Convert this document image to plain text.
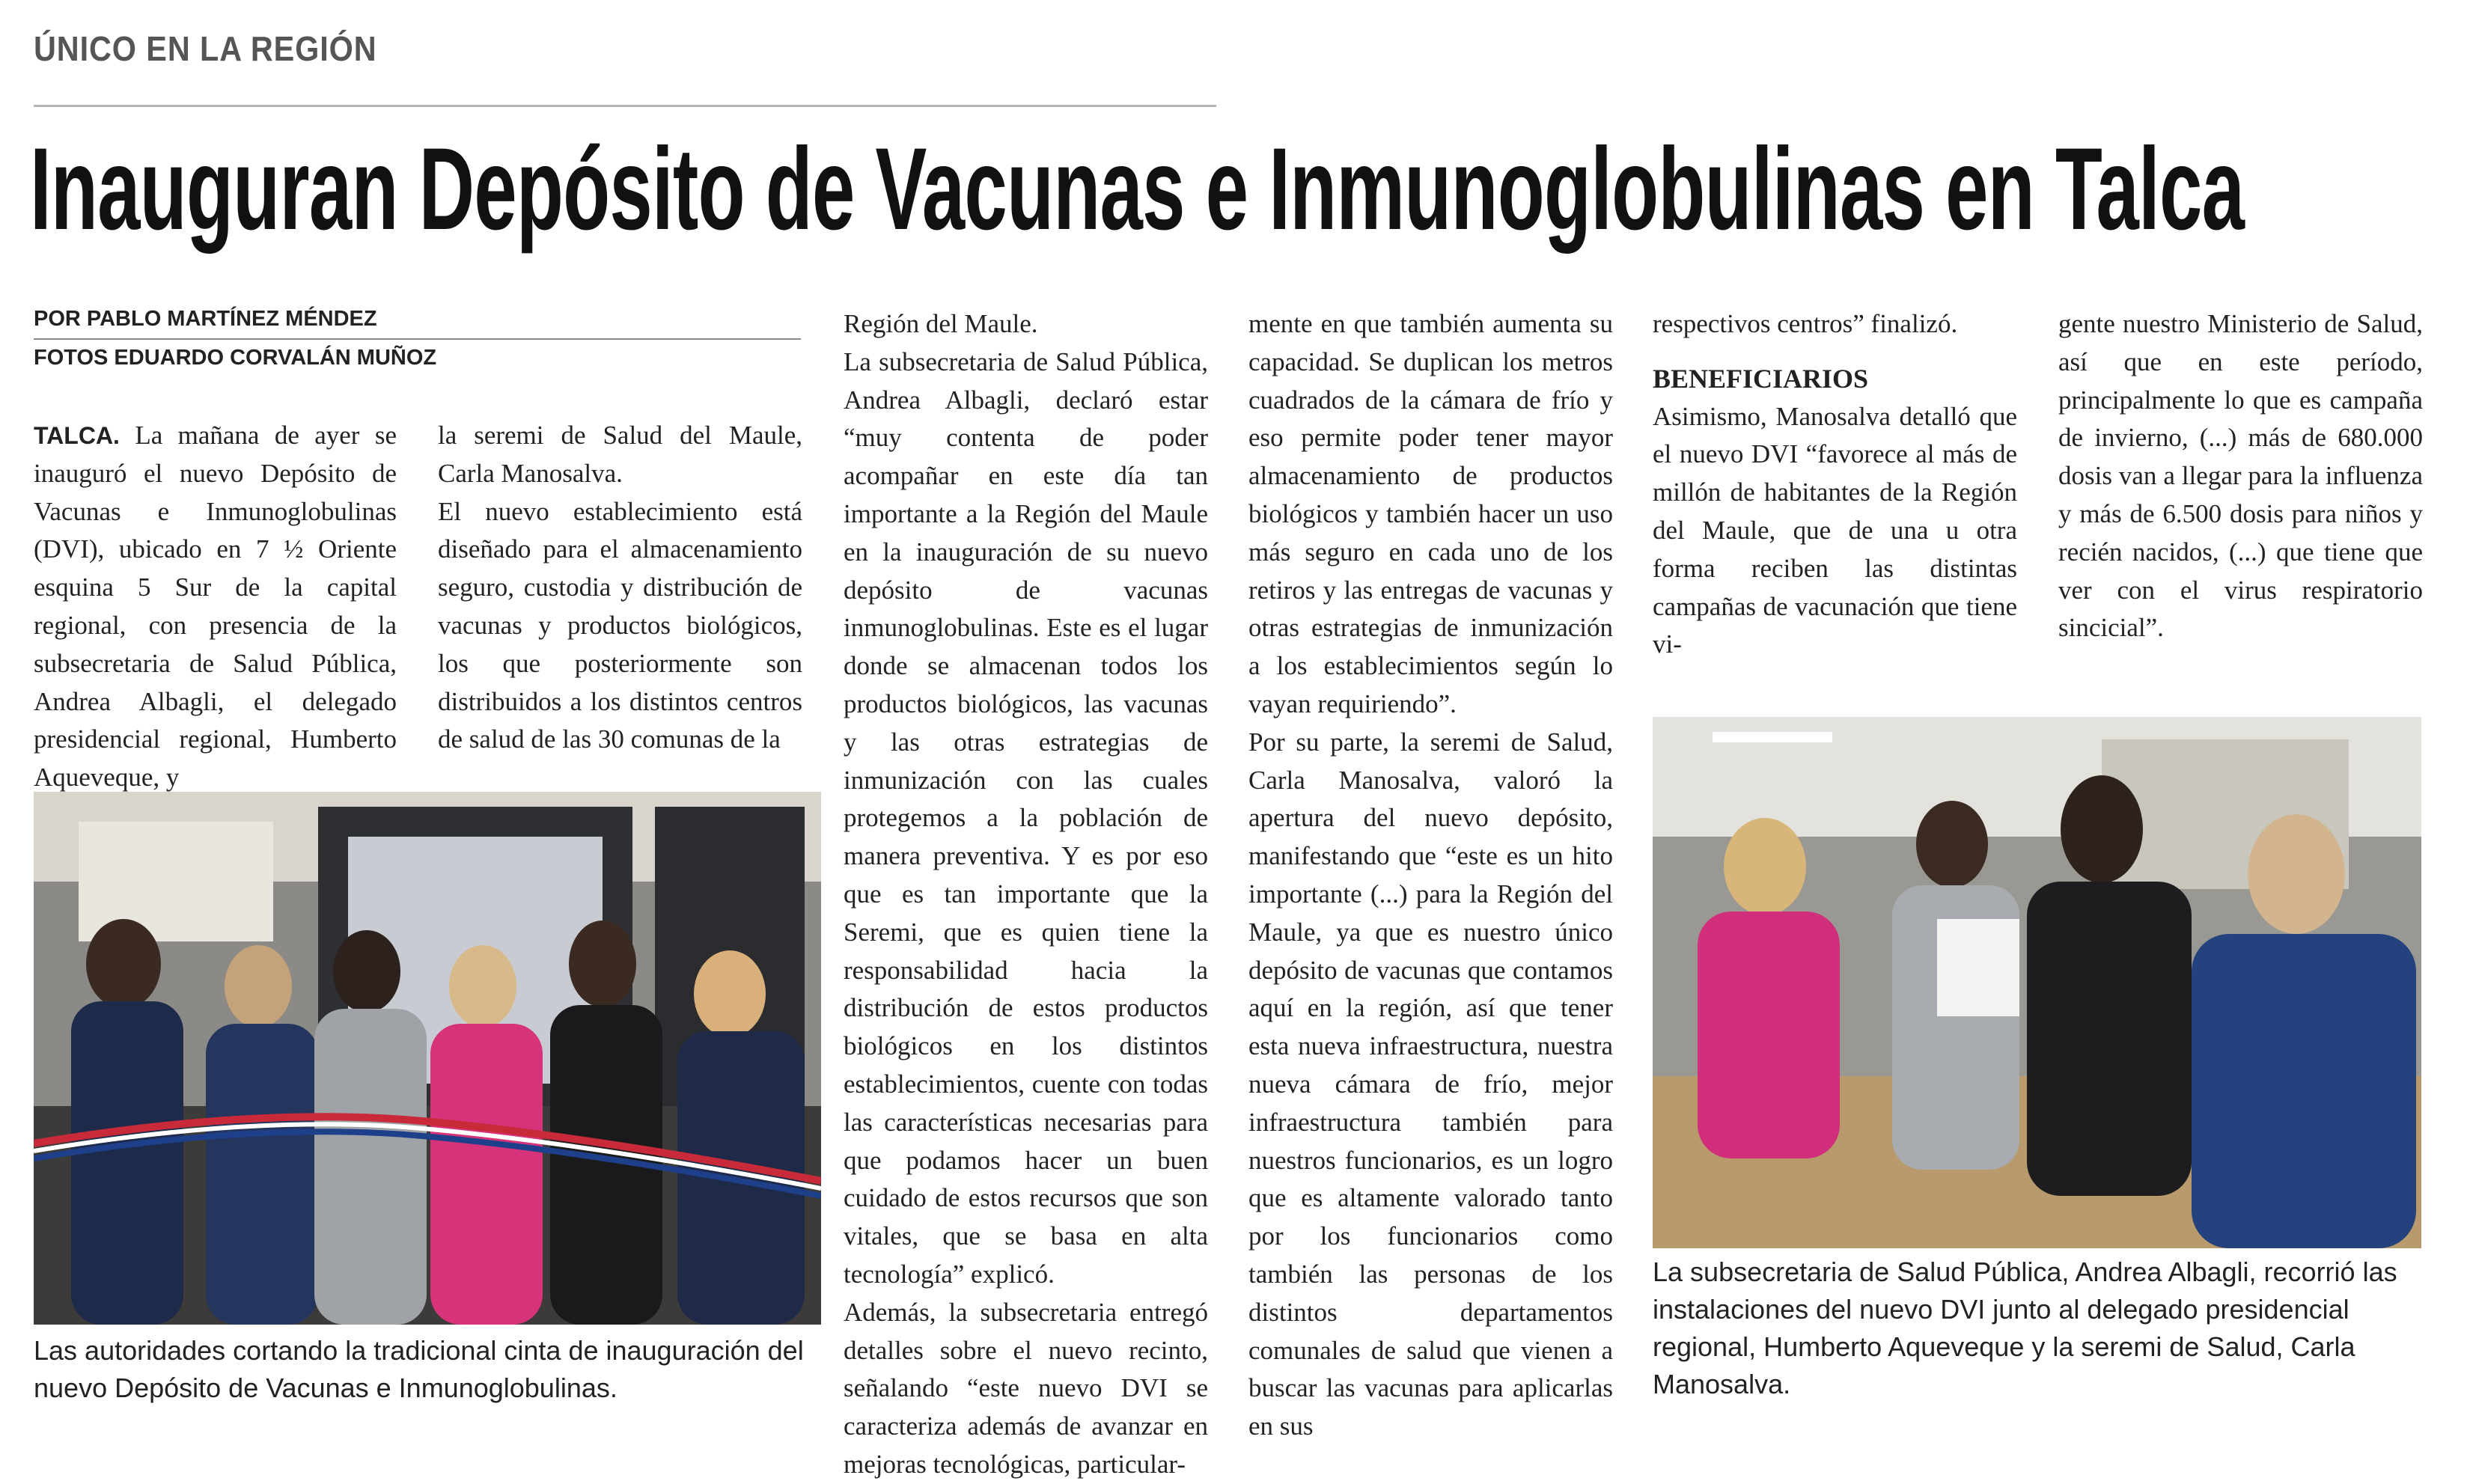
ÚNICO EN LA REGIÓN
Inauguran Depósito de Vacunas e Inmunoglobulinas en Talca
POR PABLO MARTÍNEZ MÉNDEZ
FOTOS EDUARDO CORVALÁN MUÑOZ

TALCA. La mañana de ayer se inauguró el nuevo Depósito de Vacunas e Inmunoglobulinas (DVI), ubicado en 7 ½ Oriente esquina 5 Sur de la capital regional, con presencia de la subsecretaria de Salud Pública, Andrea Albagli, el delegado presidencial regional, Humberto Aqueveque, y

la seremi de Salud del Maule, Carla Manosalva.

El nuevo establecimiento está diseñado para el almacenamiento seguro, custodia y distribución de vacunas y productos biológicos, los que posteriormente son distribuidos a los distintos centros de salud de las 30 comunas de la

Región del Maule.

La subsecretaria de Salud Pública, Andrea Albagli, declaró estar “muy contenta de poder acompañar en este día tan importante a la Región del Maule en la inauguración de su nuevo depósito de vacunas inmunoglobulinas. Este es el lugar donde se almacenan todos los productos biológicos, las vacunas y las otras estrategias de inmunización con las cuales protegemos a la población de manera preventiva. Y es por eso que es tan importante que la Seremi, que es quien tiene la responsabilidad hacia la distribución de estos productos biológicos en los distintos establecimientos, cuente con todas las características necesarias para que podamos hacer un buen cuidado de estos recursos que son vitales, que se basa en alta tecnología” explicó.

Además, la subsecretaria entregó detalles sobre el nuevo recinto, señalando “este nuevo DVI se caracteriza además de avanzar en mejoras tecnológicas, particular-

mente en que también aumenta su capacidad. Se duplican los metros cuadrados de la cámara de frío y eso permite poder tener mayor almacenamiento de productos biológicos y también hacer un uso más seguro en cada uno de los retiros y las entregas de vacunas y otras estrategias de inmunización a los establecimientos según lo vayan requiriendo”.

Por su parte, la seremi de Salud, Carla Manosalva, valoró la apertura del nuevo depósito, manifestando que “este es un hito importante (...) para la Región del Maule, ya que es nuestro único depósito de vacunas que contamos aquí en la región, así que tener esta nueva infraestructura, nuestra nueva cámara de frío, mejor infraestructura también para nuestros funcionarios, es un logro que es altamente valorado tanto por los funcionarios como también las personas de los distintos departamentos comunales de salud que vienen a buscar las vacunas para aplicarlas en sus

respectivos centros” finalizó.

BENEFICIARIOS

Asimismo, Manosalva detalló que el nuevo DVI “favorece al más de millón de habitantes de la Región del Maule, que de una u otra forma reciben las distintas campañas de vacunación que tiene vi-

gente nuestro Ministerio de Salud, así que en este período, principalmente lo que es campaña de invierno, (...) más de 680.000 dosis van a llegar para la influenza y más de 6.500 dosis para niños y recién nacidos, (...) que tiene que ver con el virus respiratorio sincicial”.

Las autoridades cortando la tradicional cinta de inauguración del nuevo Depósito de Vacunas e Inmunoglobulinas.
La subsecretaria de Salud Pública, Andrea Albagli, recorrió las instalaciones del nuevo DVI junto al delegado presidencial regional, Humberto Aqueveque y la seremi de Salud, Carla Manosalva.
